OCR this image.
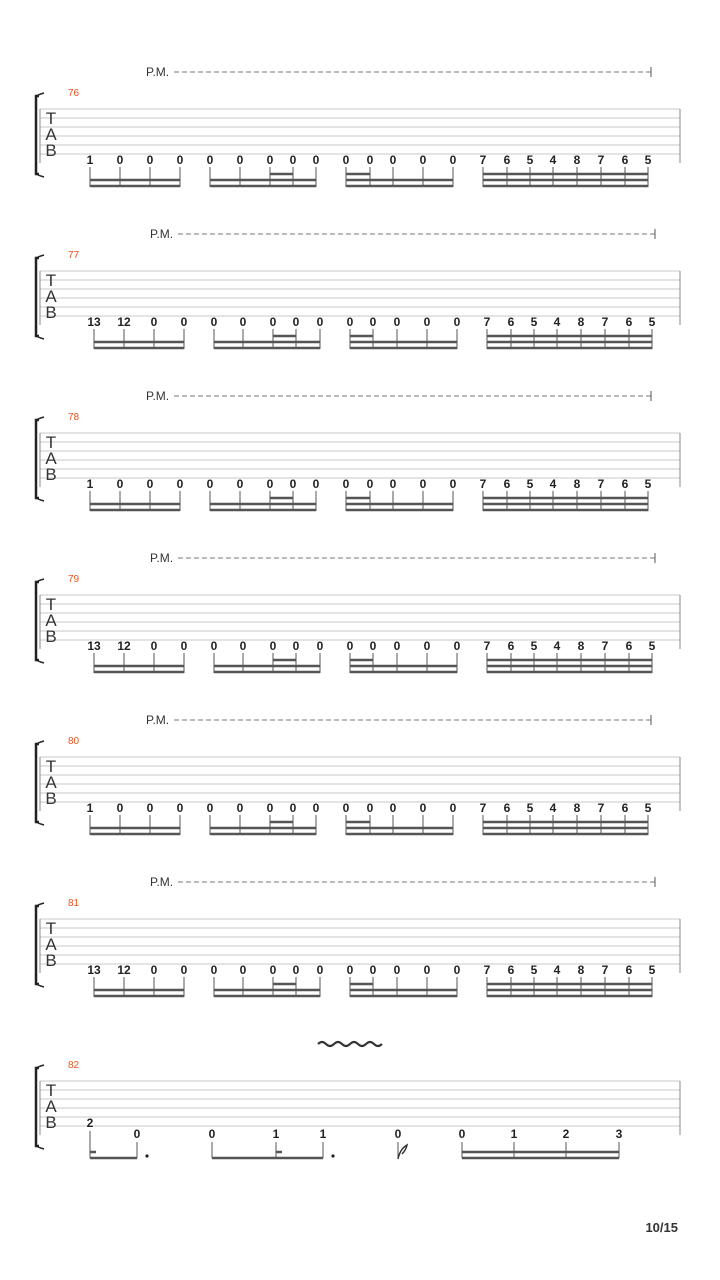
T
A
B
76
P.M.
1 0 0 0 0 0 0 0 0 0 0 0 0 0 7 6 5 4 8 7 6 5
T
A
B
77
P.M.
13 12 0 0 0 0 0 0 0 0 0 0 0 0 7 6 5 4 8 7 6 5
T
A
B
78
P.M.
1 0 0 0 0 0 0 0 0 0 0 0 0 0 7 6 5 4 8 7 6 5
T
A
B
79
P.M.
13 12 0 0 0 0 0 0 0 0 0 0 0 0 7 6 5 4 8 7 6 5
T
A
B
80
P.M.
1 0 0 0 0 0 0 0 0 0 0 0 0 0 7 6 5 4 8 7 6 5
T
A
B
81
P.M.
13 12 0 0 0 0 0 0 0 0 0 0 0 0 7 6 5 4 8 7 6 5
T
A
B
82
2
0	0	1	1	0	0	1	2	3
10/15
